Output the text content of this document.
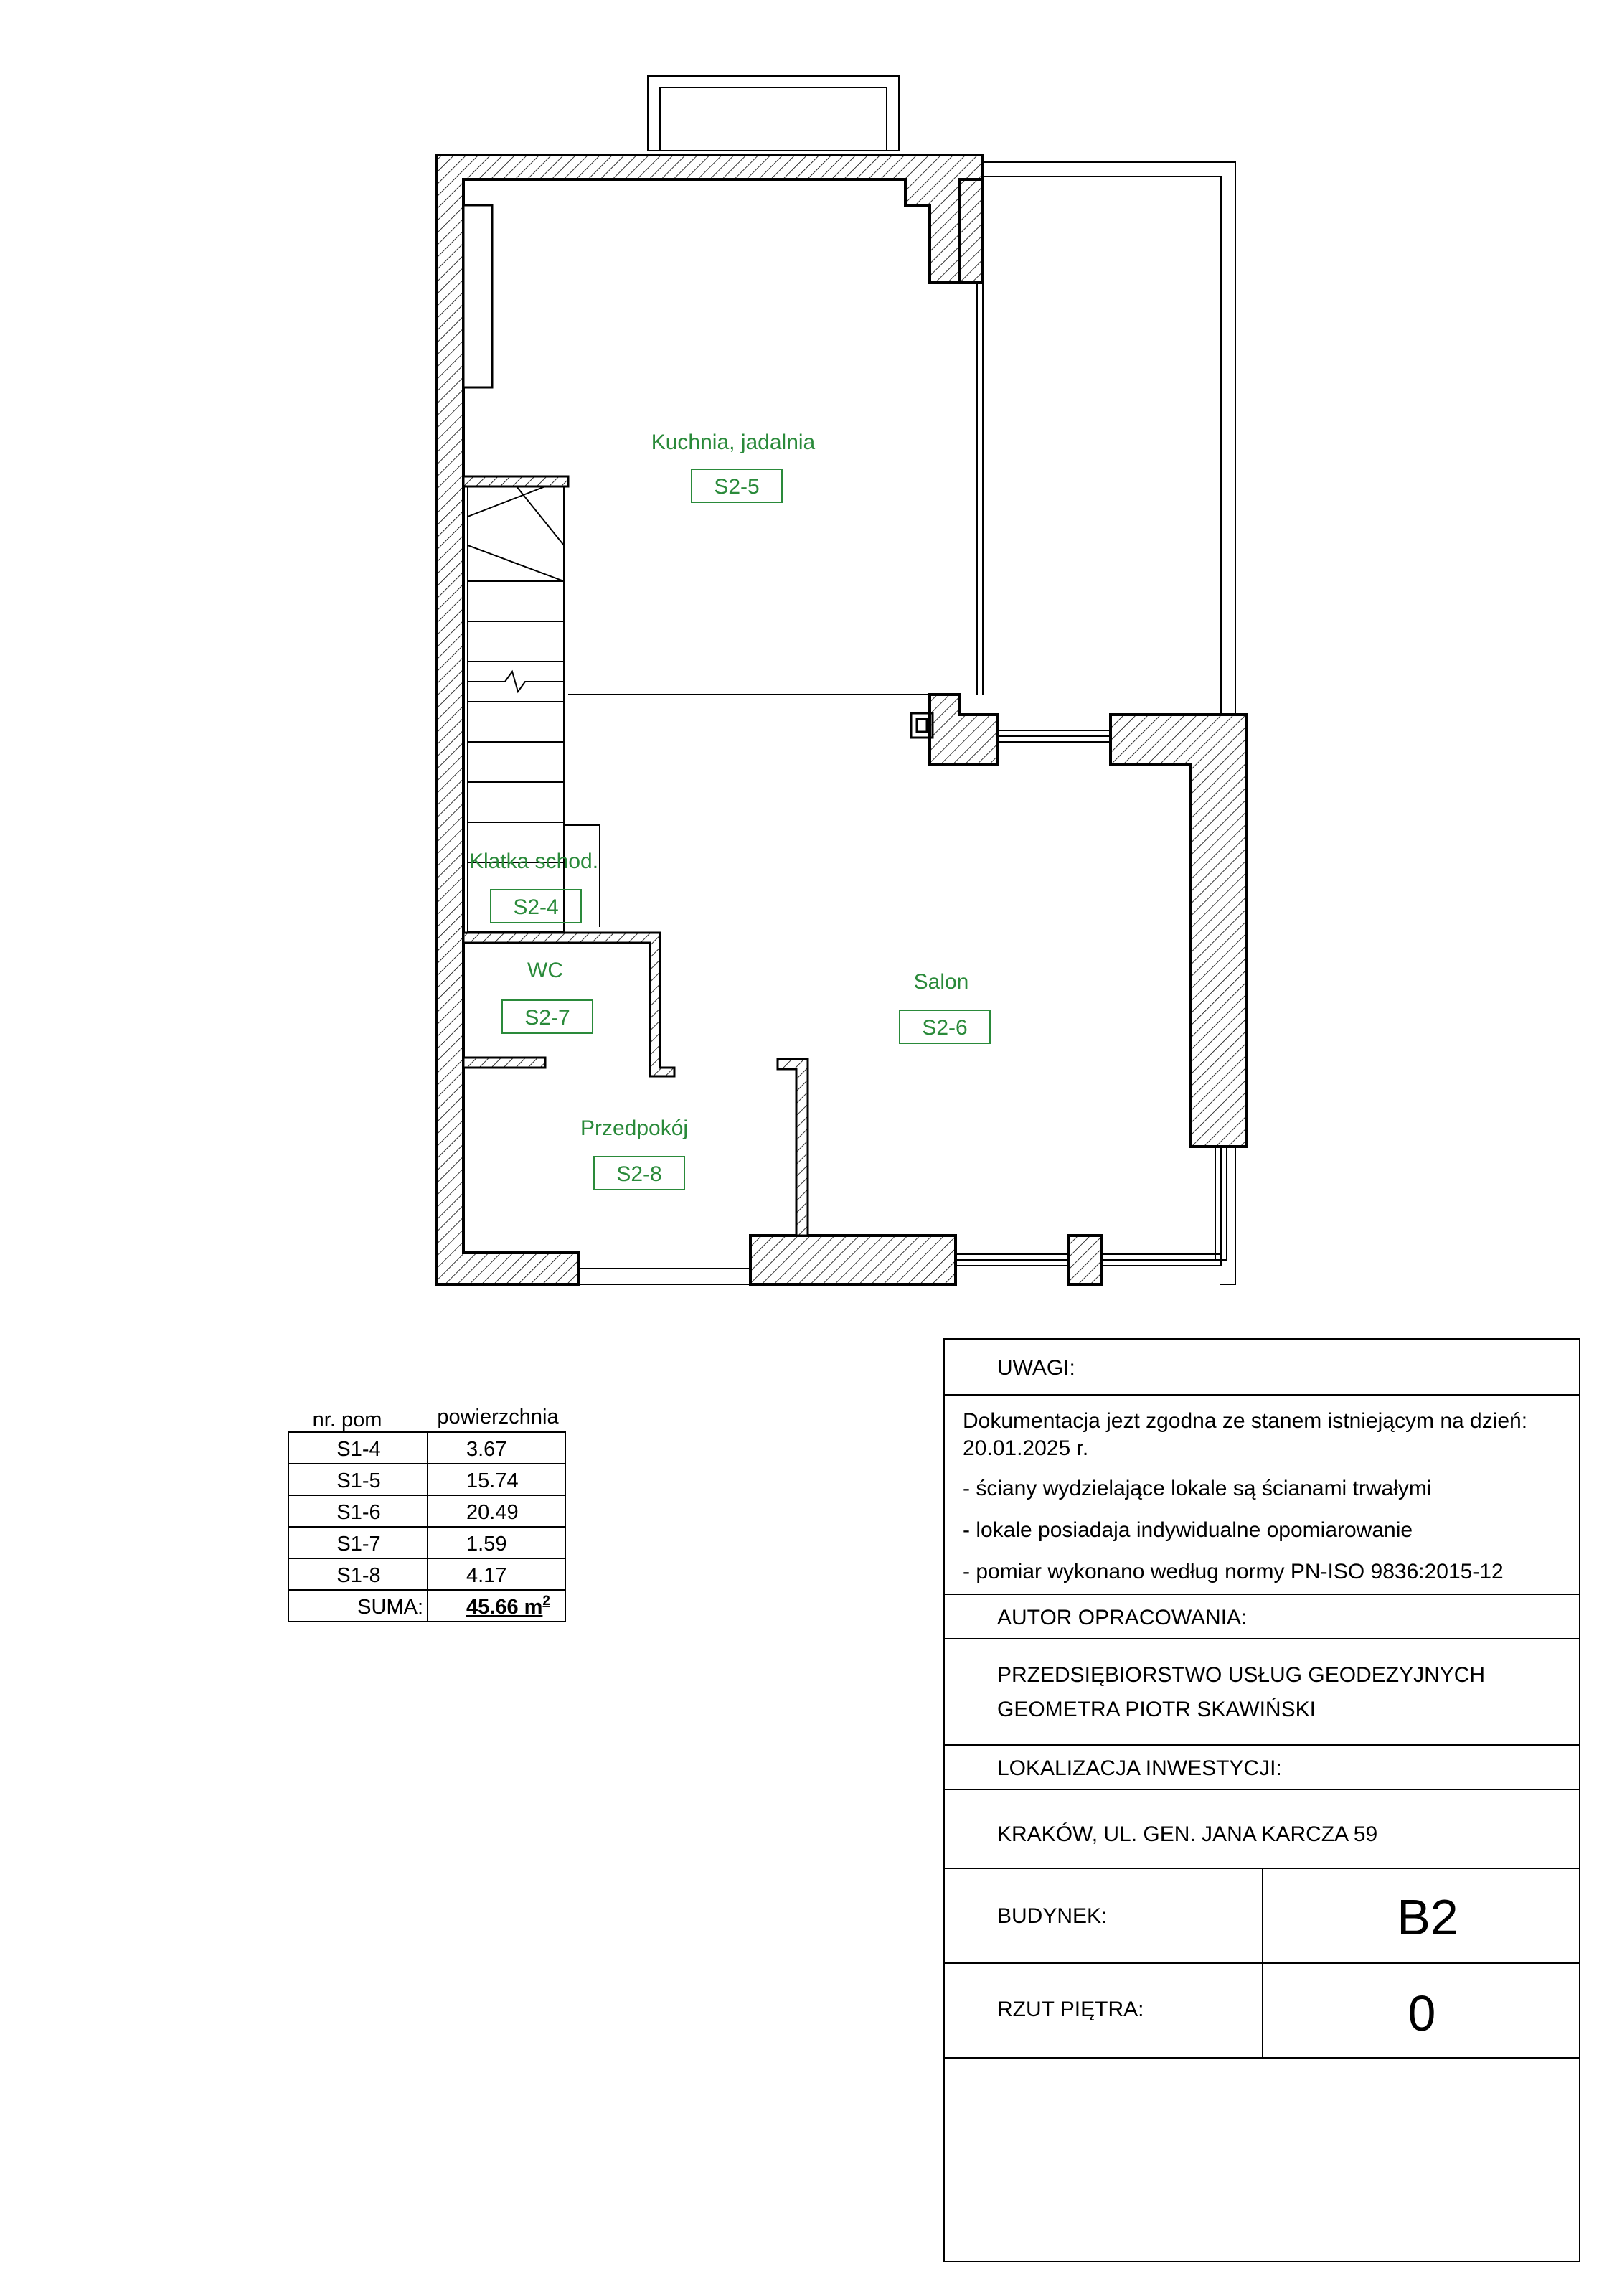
Kuchnia, jadalnia
S2-5
Klatka schod.
S2-4
WC
S2-7
Salon
S2-6
Przedpokój
S2-8
nr. pom	powierzchnia
S1-4	3.67
S1-5	15.74
S1-6	20.49
S1-7	1.59
S1-8	4.17
SUMA: 45.66 $m^2$
UWAGI:
Dokumentacja jezt zgodna ze stanem istniejącym na dzień:
20.01.2025 r.
- ściany wydzielające lokale są ścianami trwałymi
- lokale posiadaja indywidualne opomiarowanie
- pomiar wykonano według normy PN-ISO 9836:2015-12
AUTOR OPRACOWANIA:
PRZEDSIĘBIORSTWO USŁUG GEODEZYJNYCH
GEOMETRA PIOTR SKAWIŃSKI
LOKALIZACJA INWESTYCJI:
KRAKÓW, UL. GEN. JANA KARCZA 59
BUDYNEK:	B2
RZUT PIĘTRA:	0
